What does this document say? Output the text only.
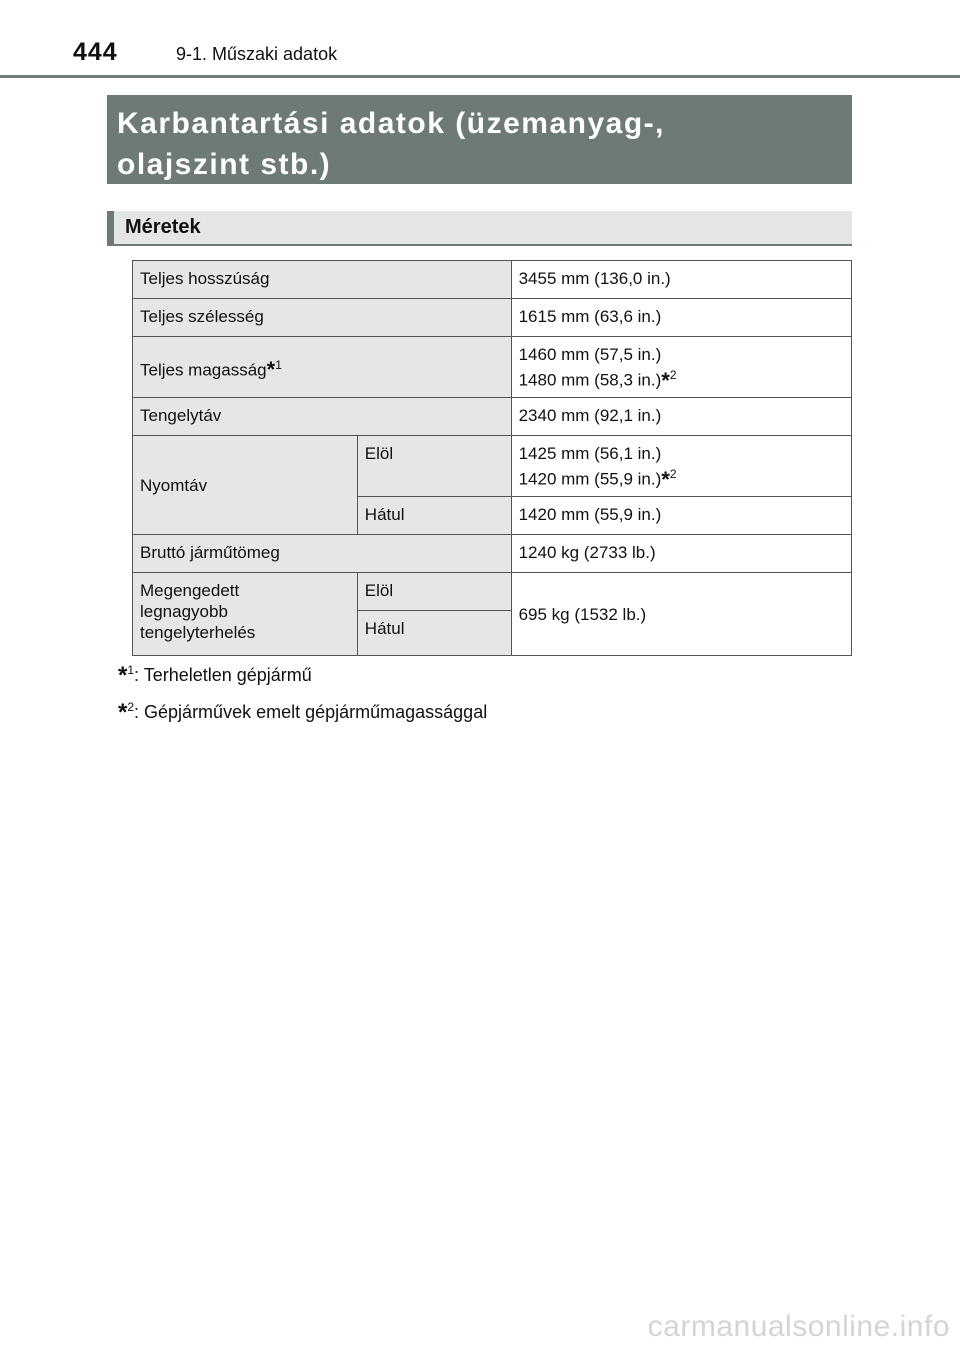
444	9-1. Műszaki adatok
Karbantartási adatok (üzemanyag-,
olajszint stb.)
Méretek
Teljes hosszúság		3455 mm (136,0 in.)
Teljes szélesség		1615 mm (63,6 in.)
Teljes magasság*$^1$		1460 mm (57,5 in.)
1480 mm (58,3 in.)*$^2$

Tengelytáv		2340 mm (92,1 in.)
Nyomtáv	Elöl	1425 mm (56,1 in.)
1420 mm (55,9 in.)*$^2$

	Hátul	1420 mm (55,9 in.)
Bruttó járműtömeg		1240 kg (2733 lb.)

Megengedett
legnagyobb
tengelyterhelés	Elöl	695 kg (1532 lb.)
	Hátul	
*$^1$: Terheletlen gépjármű
*$^2$: Gépjárművek emelt gépjárműmagassággal
carmanualsonline.info
